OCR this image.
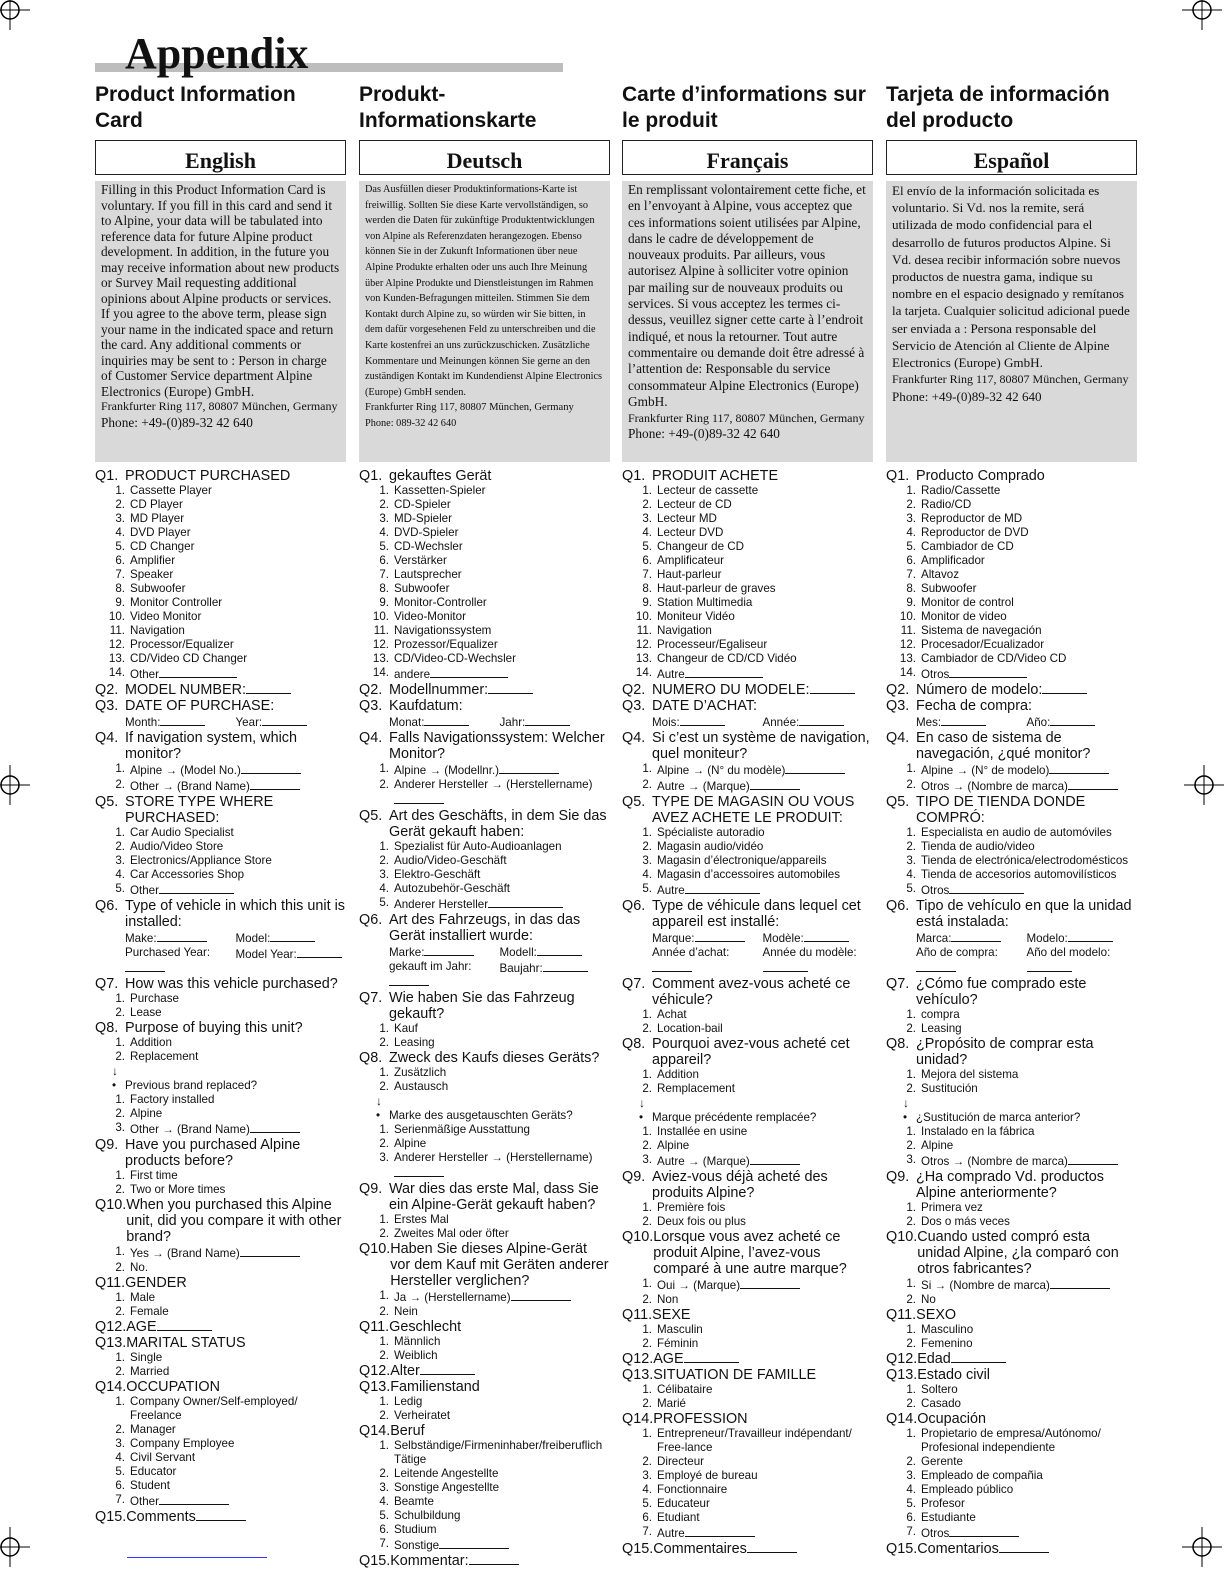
Appendix
Product Information Card
English

Filling in this Product Information Card is voluntary. If you fill in this card and send it to Alpine, your data will be tabulated into reference data for future Alpine product development. In addition, in the future you may receive information about new products or Survey Mail requesting additional opinions about Alpine products or services. If you agree to the above term, please sign your name in the indicated space and return the card. Any additional comments or inquiries may be sent to : Person in charge of Customer Service department Alpine Electronics (Europe) GmbH.

Frankfurter Ring 117, 80807 München, Germany

Phone: +49-(0)89-32 42 640

Q1. PRODUCT PURCHASED
1. Cassette Player
2. CD Player
3. MD Player
4. DVD Player
5. CD Changer
6. Amplifier
7. Speaker
8. Subwoofer
9. Monitor Controller
10. Video Monitor
11. Navigation
12. Processor/Equalizer
13. CD/Video CD Changer
14. Other
Q2. MODEL NUMBER:
Q3. DATE OF PURCHASE:
Month:	Year:
Q4. If navigation system, which monitor?
1. Alpine → (Model No.)
2. Other → (Brand Name)
Q5. STORE TYPE WHERE PURCHASED:
1. Car Audio Specialist
2. Audio/Video Store
3. Electronics/Appliance Store
4. Car Accessories Shop
5. Other
Q6. Type of vehicle in which this unit is installed:
Make:	Model:
Purchased Year:	Model Year:
Q7. How was this vehicle purchased?
1. Purchase
2. Lease
Q8. Purpose of buying this unit?
1. Addition
2. Replacement
↓
• Previous brand replaced?
1. Factory installed
2. Alpine
3. Other → (Brand Name)
Q9. Have you purchased Alpine products before?
1. First time
2. Two or More times
Q10. When you purchased this Alpine unit, did you compare it with other brand?
1. Yes → (Brand Name)
2. No.
Q11. GENDER
1. Male
2. Female
Q12. AGE
Q13. MARITAL STATUS
1. Single
2. Married
Q14. OCCUPATION
1. Company Owner/Self-employed/ Freelance
2. Manager
3. Company Employee
4. Civil Servant
5. Educator
6. Student
7. Other
Q15. Comments
Produkt-Informationskarte
Deutsch

Das Ausfüllen dieser Produktinformations-Karte ist freiwillig. Sollten Sie diese Karte vervollständigen, so werden die Daten für zukünftige Produktentwicklungen von Alpine als Referenzdaten herangezogen. Ebenso können Sie in der Zukunft Informationen über neue Alpine Produkte erhalten oder uns auch Ihre Meinung über Alpine Produkte und Dienstleistungen im Rahmen von Kunden-Befragungen mitteilen. Stimmen Sie dem Kontakt durch Alpine zu, so würden wir Sie bitten, in dem dafür vorgesehenen Feld zu unterschreiben und die Karte kostenfrei an uns zurückzuschicken. Zusätzliche Kommentare und Meinungen können Sie gerne an den zuständigen Kontakt im Kundendienst Alpine Electronics (Europe) GmbH senden.

Frankfurter Ring 117, 80807 München, Germany

Phone: 089-32 42 640

Q1. gekauftes Gerät
1. Kassetten-Spieler
2. CD-Spieler
3. MD-Spieler
4. DVD-Spieler
5. CD-Wechsler
6. Verstärker
7. Lautsprecher
8. Subwoofer
9. Monitor-Controller
10. Video-Monitor
11. Navigationssystem
12. Prozessor/Equalizer
13. CD/Video-CD-Wechsler
14. andere
Q2. Modellnummer:
Q3. Kaufdatum:
Monat:	Jahr:
Q4. Falls Navigationssystem: Welcher Monitor?
1. Alpine → (Modellnr.)
2. Anderer Hersteller → (Herstellername)
Q5. Art des Geschäfts, in dem Sie das Gerät gekauft haben:
1. Spezialist für Auto-Audioanlagen
2. Audio/Video-Geschäft
3. Elektro-Geschäft
4. Autozubehör-Geschäft
5. Anderer Hersteller
Q6. Art des Fahrzeugs, in das das Gerät installiert wurde:
Marke:	Modell:
gekauft im Jahr:	Baujahr:
Q7. Wie haben Sie das Fahrzeug gekauft?
1. Kauf
2. Leasing
Q8. Zweck des Kaufs dieses Geräts?
1. Zusätzlich
2. Austausch
↓
• Marke des ausgetauschten Geräts?
1. Serienmäßige Ausstattung
2. Alpine
3. Anderer Hersteller → (Herstellername)
Q9. War dies das erste Mal, dass Sie ein Alpine-Gerät gekauft haben?
1. Erstes Mal
2. Zweites Mal oder öfter
Q10. Haben Sie dieses Alpine-Gerät vor dem Kauf mit Geräten anderer Hersteller verglichen?
1. Ja → (Herstellername)
2. Nein
Q11. Geschlecht
1. Männlich
2. Weiblich
Q12. Alter
Q13. Familienstand
1. Ledig
2. Verheiratet
Q14. Beruf
1. Selbständige/Firmeninhaber/freiberuflich Tätige
2. Leitende Angestellte
3. Sonstige Angestellte
4. Beamte
5. Schulbildung
6. Studium
7. Sonstige
Q15. Kommentar:
Carte d’informations sur le produit
Français

En remplissant volontairement cette fiche, et en l’envoyant à Alpine, vous acceptez que ces informations soient utilisées par Alpine, dans le cadre de développement de nouveaux produits. Par ailleurs, vous autorisez Alpine à solliciter votre opinion par mailing sur de nouveaux produits ou services. Si vous acceptez les termes ci-dessus, veuillez signer cette carte à l’endroit indiqué, et nous la retourner. Tout autre commentaire ou demande doit être adressé à l’attention de: Responsable du service consommateur Alpine Electronics (Europe) GmbH.

Frankfurter Ring 117, 80807 München, Germany

Phone: +49-(0)89-32 42 640

Q1. PRODUIT ACHETE
1. Lecteur de cassette
2. Lecteur de CD
3. Lecteur MD
4. Lecteur DVD
5. Changeur de CD
6. Amplificateur
7. Haut-parleur
8. Haut-parleur de graves
9. Station Multimedia
10. Moniteur Vidéo
11. Navigation
12. Processeur/Egaliseur
13. Changeur de CD/CD Vidéo
14. Autre
Q2. NUMERO DU MODELE:
Q3. DATE D’ACHAT:
Mois:	Année:
Q4. Si c’est un système de navigation, quel moniteur?
1. Alpine → (N° du modèle)
2. Autre → (Marque)
Q5. TYPE DE MAGASIN OU VOUS AVEZ ACHETE LE PRODUIT:
1. Spécialiste autoradio
2. Magasin audio/vidéo
3. Magasin d’électronique/appareils
4. Magasin d’accessoires automobiles
5. Autre
Q6. Type de véhicule dans lequel cet appareil est installé:
Marque:	Modèle:
Année d’achat:	Année du modèle:
Q7. Comment avez-vous acheté ce véhicule?
1. Achat
2. Location-bail
Q8. Pourquoi avez-vous acheté cet appareil?
1. Addition
2. Remplacement
↓
• Marque précédente remplacée?
1. Installée en usine
2. Alpine
3. Autre → (Marque)
Q9. Aviez-vous déjà acheté des produits Alpine?
1. Première fois
2. Deux fois ou plus
Q10. Lorsque vous avez acheté ce produit Alpine, l’avez-vous comparé à une autre marque?
1. Oui → (Marque)
2. Non
Q11. SEXE
1. Masculin
2. Féminin
Q12. AGE
Q13. SITUATION DE FAMILLE
1. Célibataire
2. Marié
Q14. PROFESSION
1. Entrepreneur/Travailleur indépendant/ Free-lance
2. Directeur
3. Employé de bureau
4. Fonctionnaire
5. Educateur
6. Etudiant
7. Autre
Q15. Commentaires
Tarjeta de información del producto
Español

El envío de la información solicitada es voluntario. Si Vd. nos la remite, será utilizada de modo confidencial para el desarrollo de futuros productos Alpine. Si Vd. desea recibir información sobre nuevos productos de nuestra gama, indique su nombre en el espacio designado y remítanos la tarjeta. Cualquier solicitud adicional puede ser enviada a : Persona responsable del Servicio de Atención al Cliente de Alpine Electronics (Europe) GmbH.

Frankfurter Ring 117, 80807 München, Germany

Phone: +49-(0)89-32 42 640

Q1. Producto Comprado
1. Radio/Cassette
2. Radio/CD
3. Reproductor de MD
4. Reproductor de DVD
5. Cambiador de CD
6. Amplificador
7. Altavoz
8. Subwoofer
9. Monitor de control
10. Monitor de video
11. Sistema de navegación
12. Procesador/Ecualizador
13. Cambiador de CD/Video CD
14. Otros
Q2. Número de modelo:
Q3. Fecha de compra:
Mes:	Año:
Q4. En caso de sistema de navegación, ¿qué monitor?
1. Alpine → (N° de modelo)
2. Otros → (Nombre de marca)
Q5. TIPO DE TIENDA DONDE COMPRÓ:
1. Especialista en audio de automóviles
2. Tienda de audio/video
3. Tienda de electrónica/electrodomésticos
4. Tienda de accesorios automovilísticos
5. Otros
Q6. Tipo de vehículo en que la unidad está instalada:
Marca:	Modelo:
Año de compra:	Año del modelo:
Q7. ¿Cómo fue comprado este vehículo?
1. compra
2. Leasing
Q8. ¿Propósito de comprar esta unidad?
1. Mejora del sistema
2. Sustitución
↓
• ¿Sustitución de marca anterior?
1. Instalado en la fábrica
2. Alpine
3. Otros → (Nombre de marca)
Q9. ¿Ha comprado Vd. productos Alpine anteriormente?
1. Primera vez
2. Dos o más veces
Q10. Cuando usted compró esta unidad Alpine, ¿la comparó con otros fabricantes?
1. Si → (Nombre de marca)
2. No
Q11. SEXO
1. Masculino
2. Femenino
Q12. Edad
Q13. Estado civil
1. Soltero
2. Casado
Q14. Ocupación
1. Propietario de empresa/Autónomo/ Profesional independiente
2. Gerente
3. Empleado de compañia
4. Empleado público
5. Profesor
6. Estudiante
7. Otros
Q15. Comentarios
